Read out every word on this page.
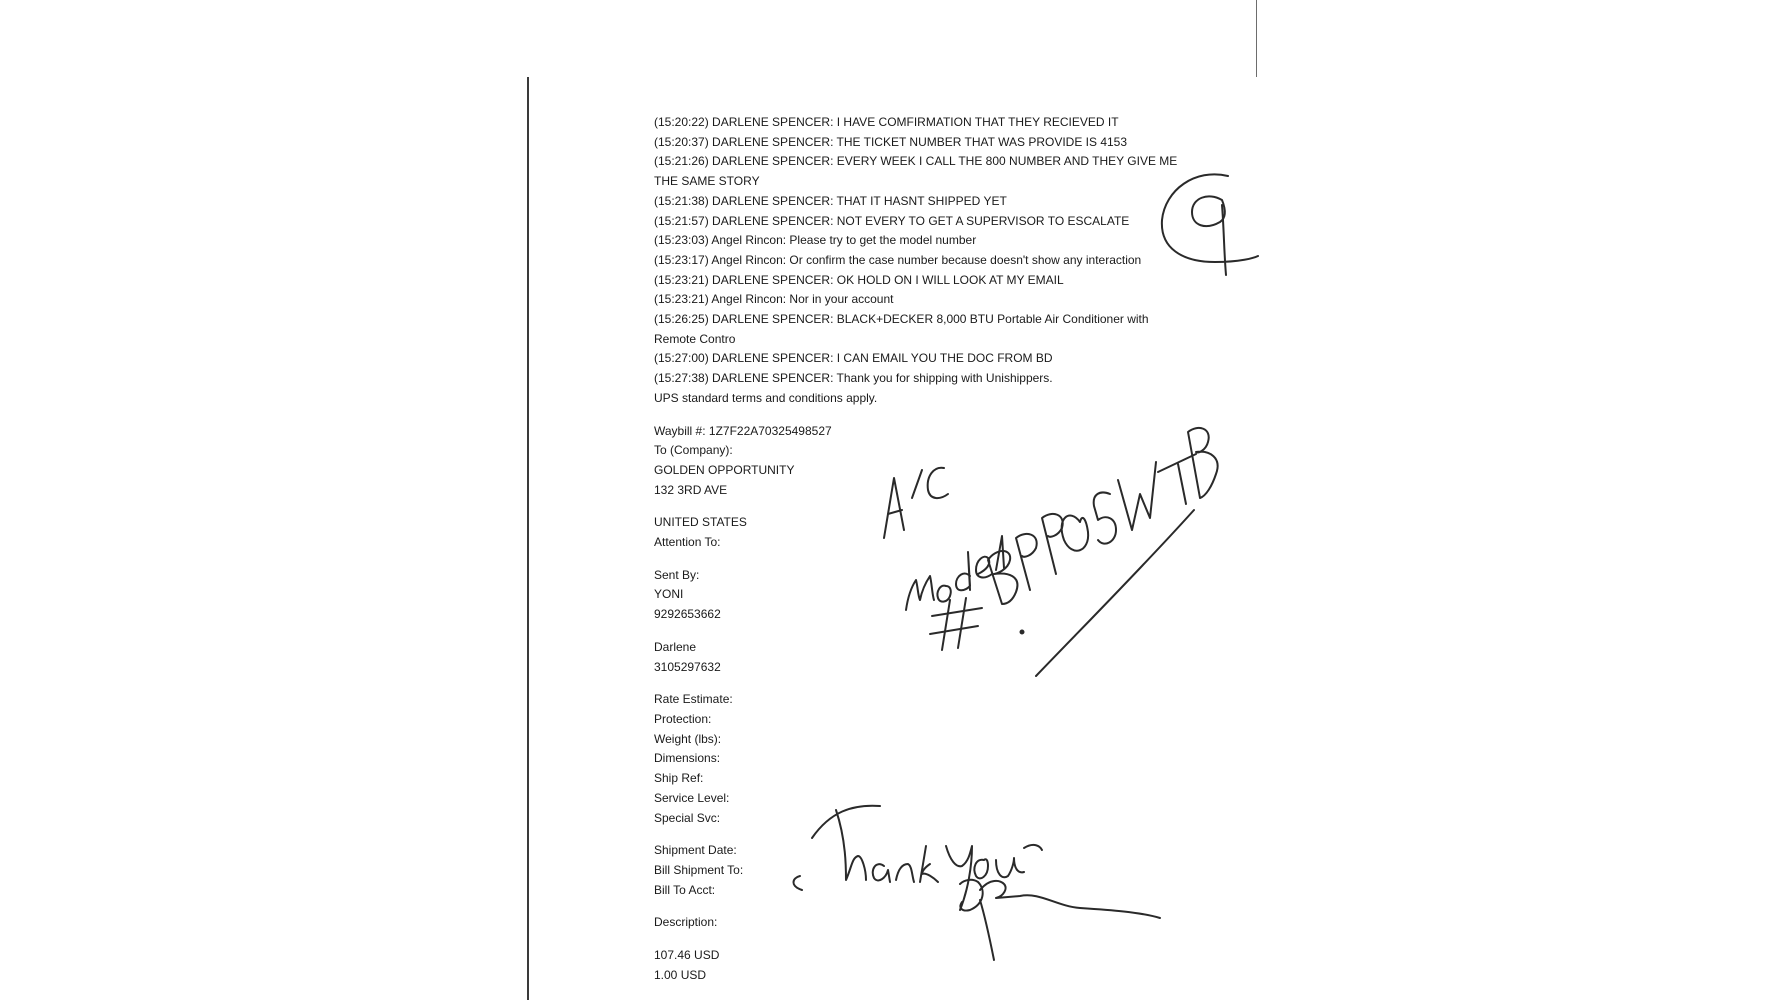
(15:20:22) DARLENE SPENCER: I HAVE COMFIRMATION THAT THEY RECIEVED IT
(15:20:37) DARLENE SPENCER: THE TICKET NUMBER THAT WAS PROVIDE IS 4153
(15:21:26) DARLENE SPENCER: EVERY WEEK I CALL THE 800 NUMBER AND THEY GIVE ME THE SAME STORY
(15:21:38) DARLENE SPENCER: THAT IT HASNT SHIPPED YET
(15:21:57) DARLENE SPENCER: NOT EVERY TO GET A SUPERVISOR TO ESCALATE
(15:23:03) Angel Rincon: Please try to get the model number
(15:23:17) Angel Rincon: Or confirm the case number because doesn't show any interaction
(15:23:21) DARLENE SPENCER: OK HOLD ON I WILL LOOK AT MY EMAIL
(15:23:21) Angel Rincon: Nor in your account
(15:26:25) DARLENE SPENCER: BLACK+DECKER 8,000 BTU Portable Air Conditioner with Remote Contro
(15:27:00) DARLENE SPENCER: I CAN EMAIL YOU THE DOC FROM BD
(15:27:38) DARLENE SPENCER: Thank you for shipping with Unishippers.
UPS standard terms and conditions apply.
Waybill #: 1Z7F22A70325498527
To (Company):
GOLDEN OPPORTUNITY
132 3RD AVE
UNITED STATES
Attention To:
Sent By:
YONI
9292653662
Darlene
3105297632
Rate Estimate:
Protection:
Weight (lbs):
Dimensions:
Ship Ref:
Service Level:
Special Svc:
Shipment Date:
Bill Shipment To:
Bill To Acct:
Description:
107.46 USD
1.00 USD
